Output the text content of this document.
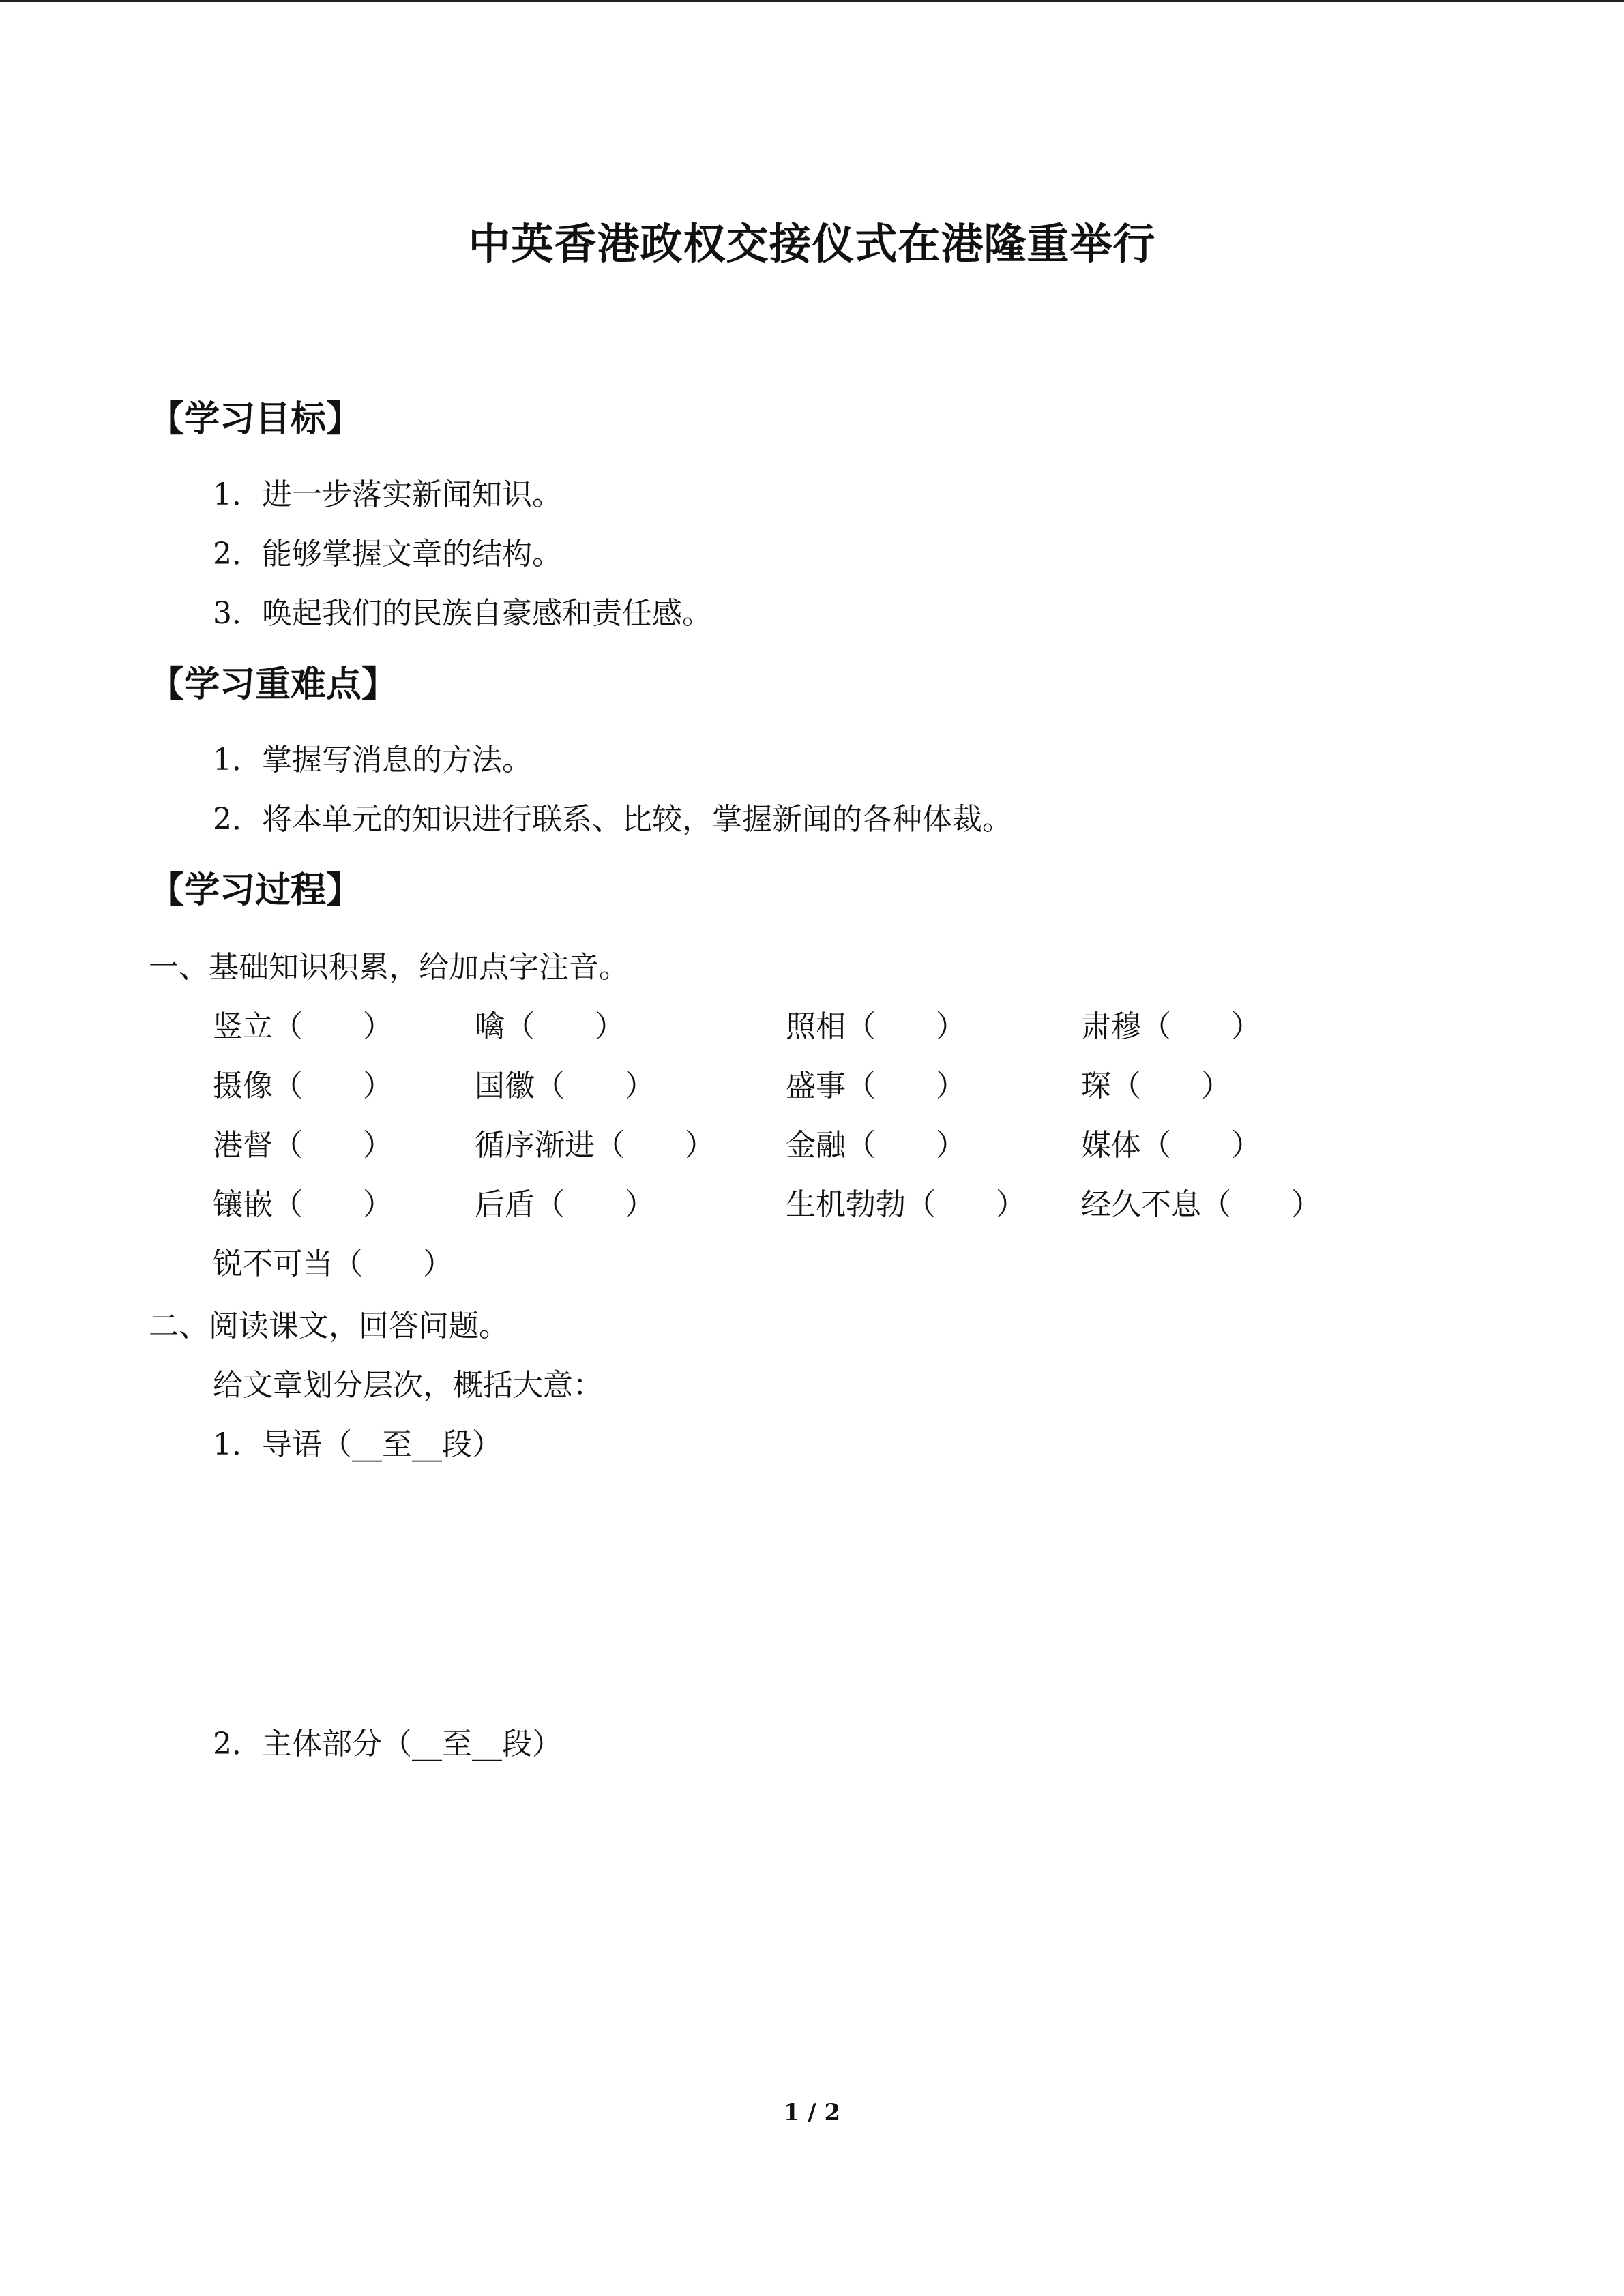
中英香港政权交接仪式在港隆重举行
【学习目标】
1．进一步落实新闻知识。
2．能够掌握文章的结构。
3．唤起我们的民族自豪感和责任感。
【学习重难点】
1．掌握写消息的方法。
2．将本单元的知识进行联系、比较，掌握新闻的各种体裁。
【学习过程】
一、基础知识积累，给加点字注音。
竖立（　　）	噙（　　）	照相（　　）	肃穆（　　）
摄像（　　）	国徽（　　）	盛事（　　）	琛（　　）
港督（　　）	循序渐进（　　） 金融（　　）	媒体（　　）
镶嵌（　　）	后盾（　　）	生机勃勃（　　） 经久不息（　　）
锐不可当（　　）
二、阅读课文，回答问题。
给文章划分层次，概括大意：
1．导语（__至__段）
2．主体部分（__至__段）
1 / 2
